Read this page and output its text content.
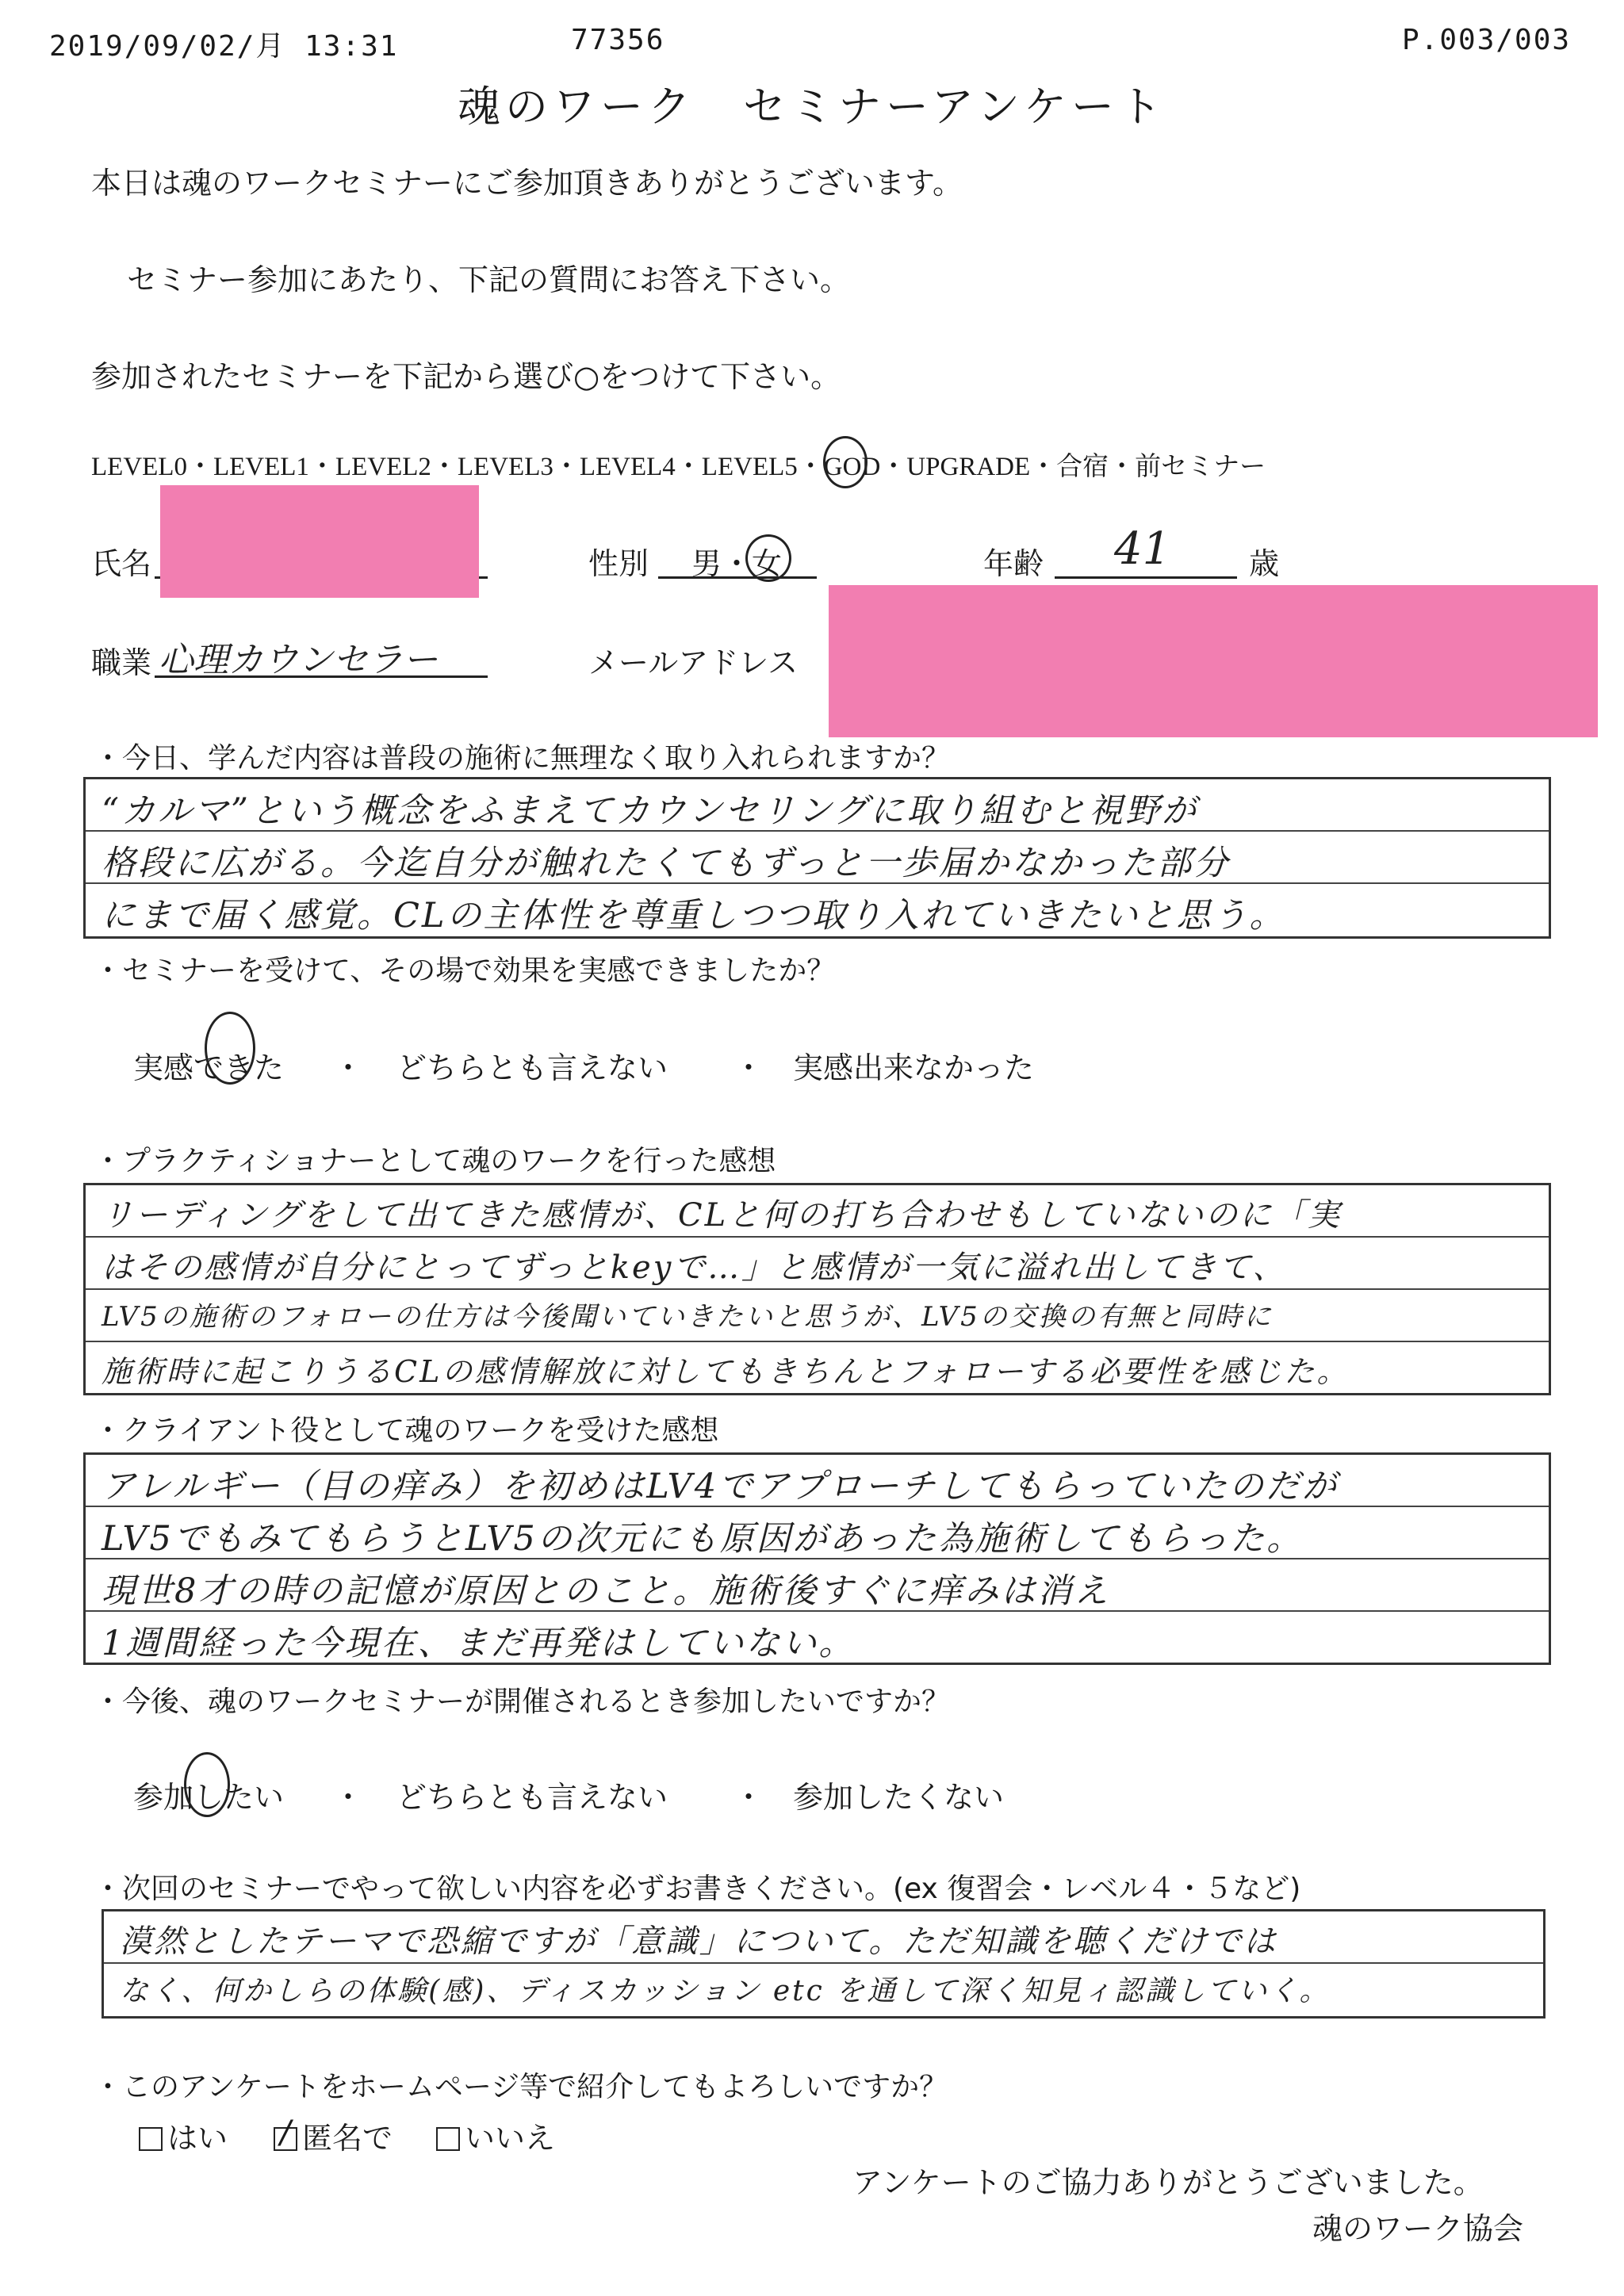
2019/09/02/月 13:31	77356	P.003/003
魂のワーク　セミナーアンケート
本日は魂のワークセミナーにご参加頂きありがとうございます。
セミナー参加にあたり、下記の質問にお答え下さい。
参加されたセミナーを下記から選び○をつけて下さい。
LEVEL0・LEVEL1・LEVEL2・LEVEL3・LEVEL4・LEVEL5・GOD・UPGRADE・合宿・前セミナー
氏名	性別 男・女	年齢 41	歳
職業 心理カウンセラー	メールアドレス
・今日、学んだ内容は普段の施術に無理なく取り入れられますか？
“カルマ”という概念をふまえてカウンセリングに取り組むと視野が
格段に広がる。今迄自分が触れたくてもずっと一歩届かなかった部分
にまで届く感覚。CLの主体性を尊重しつつ取り入れていきたいと思う。
・セミナーを受けて、その場で効果を実感できましたか？
実感できた ・ どちらとも言えない ・ 実感出来なかった
・プラクティショナーとして魂のワークを行った感想
リーディングをして出てきた感情が、CLと何の打ち合わせもしていないのに「実
はその感情が自分にとってずっとkeyで…」と感情が一気に溢れ出してきて、
LV5の施術のフォローの仕方は今後聞いていきたいと思うが、LV5の交換の有無と同時に
施術時に起こりうるCLの感情解放に対してもきちんとフォローする必要性を感じた。
・クライアント役として魂のワークを受けた感想
アレルギー（目の痒み）を初めはLV4でアプローチしてもらっていたのだが
LV5でもみてもらうとLV5の次元にも原因があった為施術してもらった。
現世8才の時の記憶が原因とのこと。施術後すぐに痒みは消え
1週間経った今現在、まだ再発はしていない。
・今後、魂のワークセミナーが開催されるとき参加したいですか？
参加したい ・ どちらとも言えない ・ 参加したくない
・次回のセミナーでやって欲しい内容を必ずお書きください。(ex 復習会・レベル４・５など)
漠然としたテーマで恐縮ですが「意識」について。ただ知識を聴くだけでは
なく、何かしらの体験(感)、ディスカッション etc を通して深く知見ィ認識していく。
・このアンケートをホームページ等で紹介してもよろしいですか？
はい / 匿名で	いいえ
アンケートのご協力ありがとうございました。
魂のワーク協会
